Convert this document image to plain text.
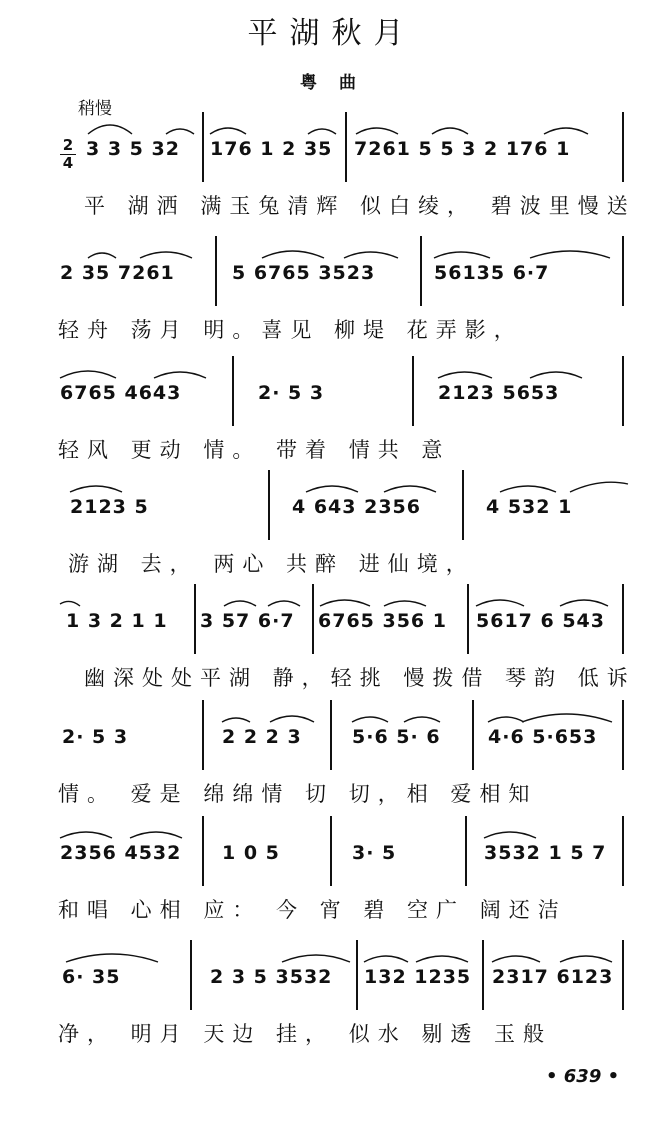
平湖秋月
粤曲
稍慢
2
4
3 3 5 32 176 1 2 35 7261 5 5 3 2 176 1
平 湖洒 满玉兔清辉 似白绫， 碧波里慢送
2 35 7261	5 6765 3523	56135 6·7
轻舟 荡月 明。喜见 柳堤 花弄影，
6765 4643	2· 5 3	2123 5653
轻风 更动 情。 带着 情共 意
2123 5	4 643 2356	4 532 1
游湖 去， 两心 共醉 进仙境，
1 3 2 1 1 3 57 6·7 6765 356 1 5617 6 543
幽深处处平湖 静，轻挑 慢拨借 琴韵 低诉
2· 5 3	2 2 2 3	5·6 5· 6 4·6 5·653
情。 爱是 绵绵情 切 切，相 爱相知
2356 4532 1 0 5	3· 5	3532 1 5 7
和唱 心相 应： 今 宵 碧 空广 阔还洁
6· 35	2 3 5 3532 132 1235 2317 6123
净， 明月 天边 挂， 似水 剔透 玉般
• 639 •
